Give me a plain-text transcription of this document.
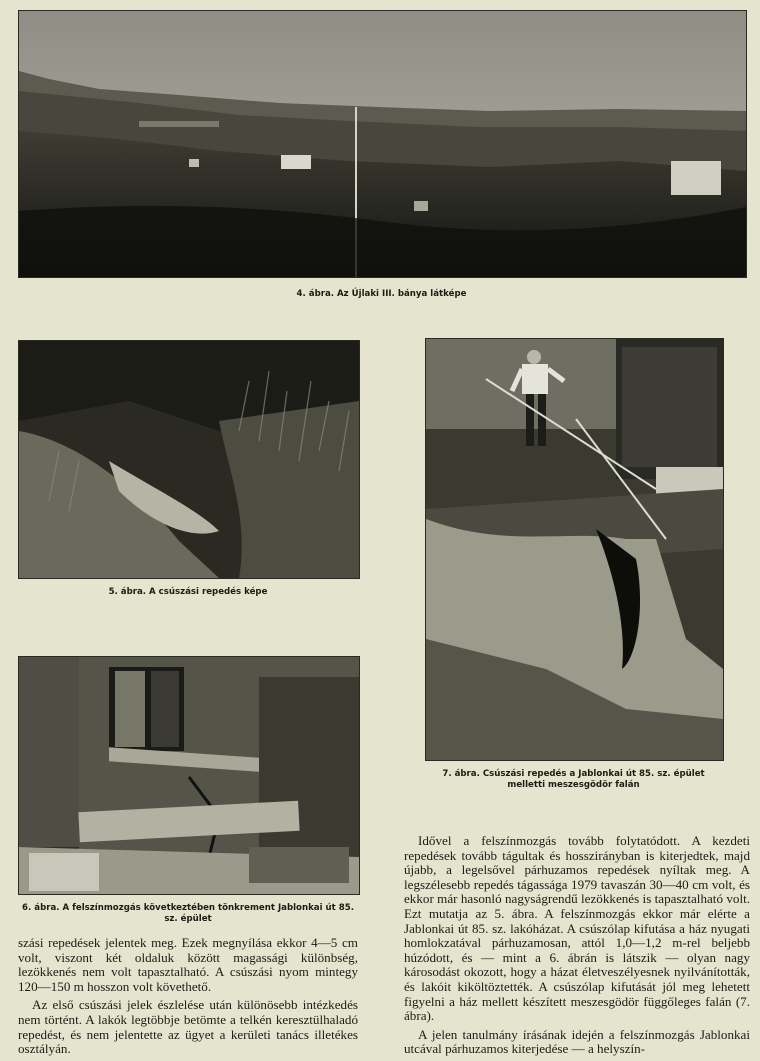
4. ábra. Az Újlaki III. bánya látképe
5. ábra. A csúszási repedés képe
7. ábra. Csúszási repedés a Jablonkai út 85. sz. épület melletti meszesgödör falán
6. ábra. A felszínmozgás következtében tönkrement Jablonkai út 85. sz. épület

szási repedések jelentek meg. Ezek megnyílása ekkor 4—5 cm volt, viszont két oldaluk között magassági különbség, lezökkenés nem volt tapasztalható. A csúszási nyom mintegy 120—150 m hosszon volt követhető.

Az első csúszási jelek észlelése után különösebb intézkedés nem történt. A lakók legtöbbje betömte a telkén keresztülhaladó repedést, és nem jelentette az ügyet a kerületi tanács illetékes osztályán.

Idővel a felszínmozgás tovább folytatódott. A kezdeti repedések tovább tágultak és hosszirányban is kiterjedtek, majd újabb, a legelsővel párhuzamos repedések nyíltak meg. A legszélesebb repedés tágassága 1979 tavaszán 30—40 cm volt, és ekkor már hasonló nagyságrendű lezökkenés is tapasztalható volt. Ezt mutatja az 5. ábra. A felszínmozgás ekkor már elérte a Jablonkai út 85. sz. lakóházat. A csúszólap kifutása a ház nyugati homlokzatával párhuzamosan, attól 1,0—1,2 m-rel beljebb húzódott, és — mint a 6. ábrán is látszik — olyan nagy károsodást okozott, hogy a házat életveszélyesnek nyilvánították, és lakóit kiköltöztették. A csúszólap kifutását jól meg lehetett figyelni a ház mellett készített meszesgödör függőleges falán (7. ábra).

A jelen tanulmány írásának idején a felszínmozgás Jablonkai utcával párhuzamos kiterjedése — a helyszín-
